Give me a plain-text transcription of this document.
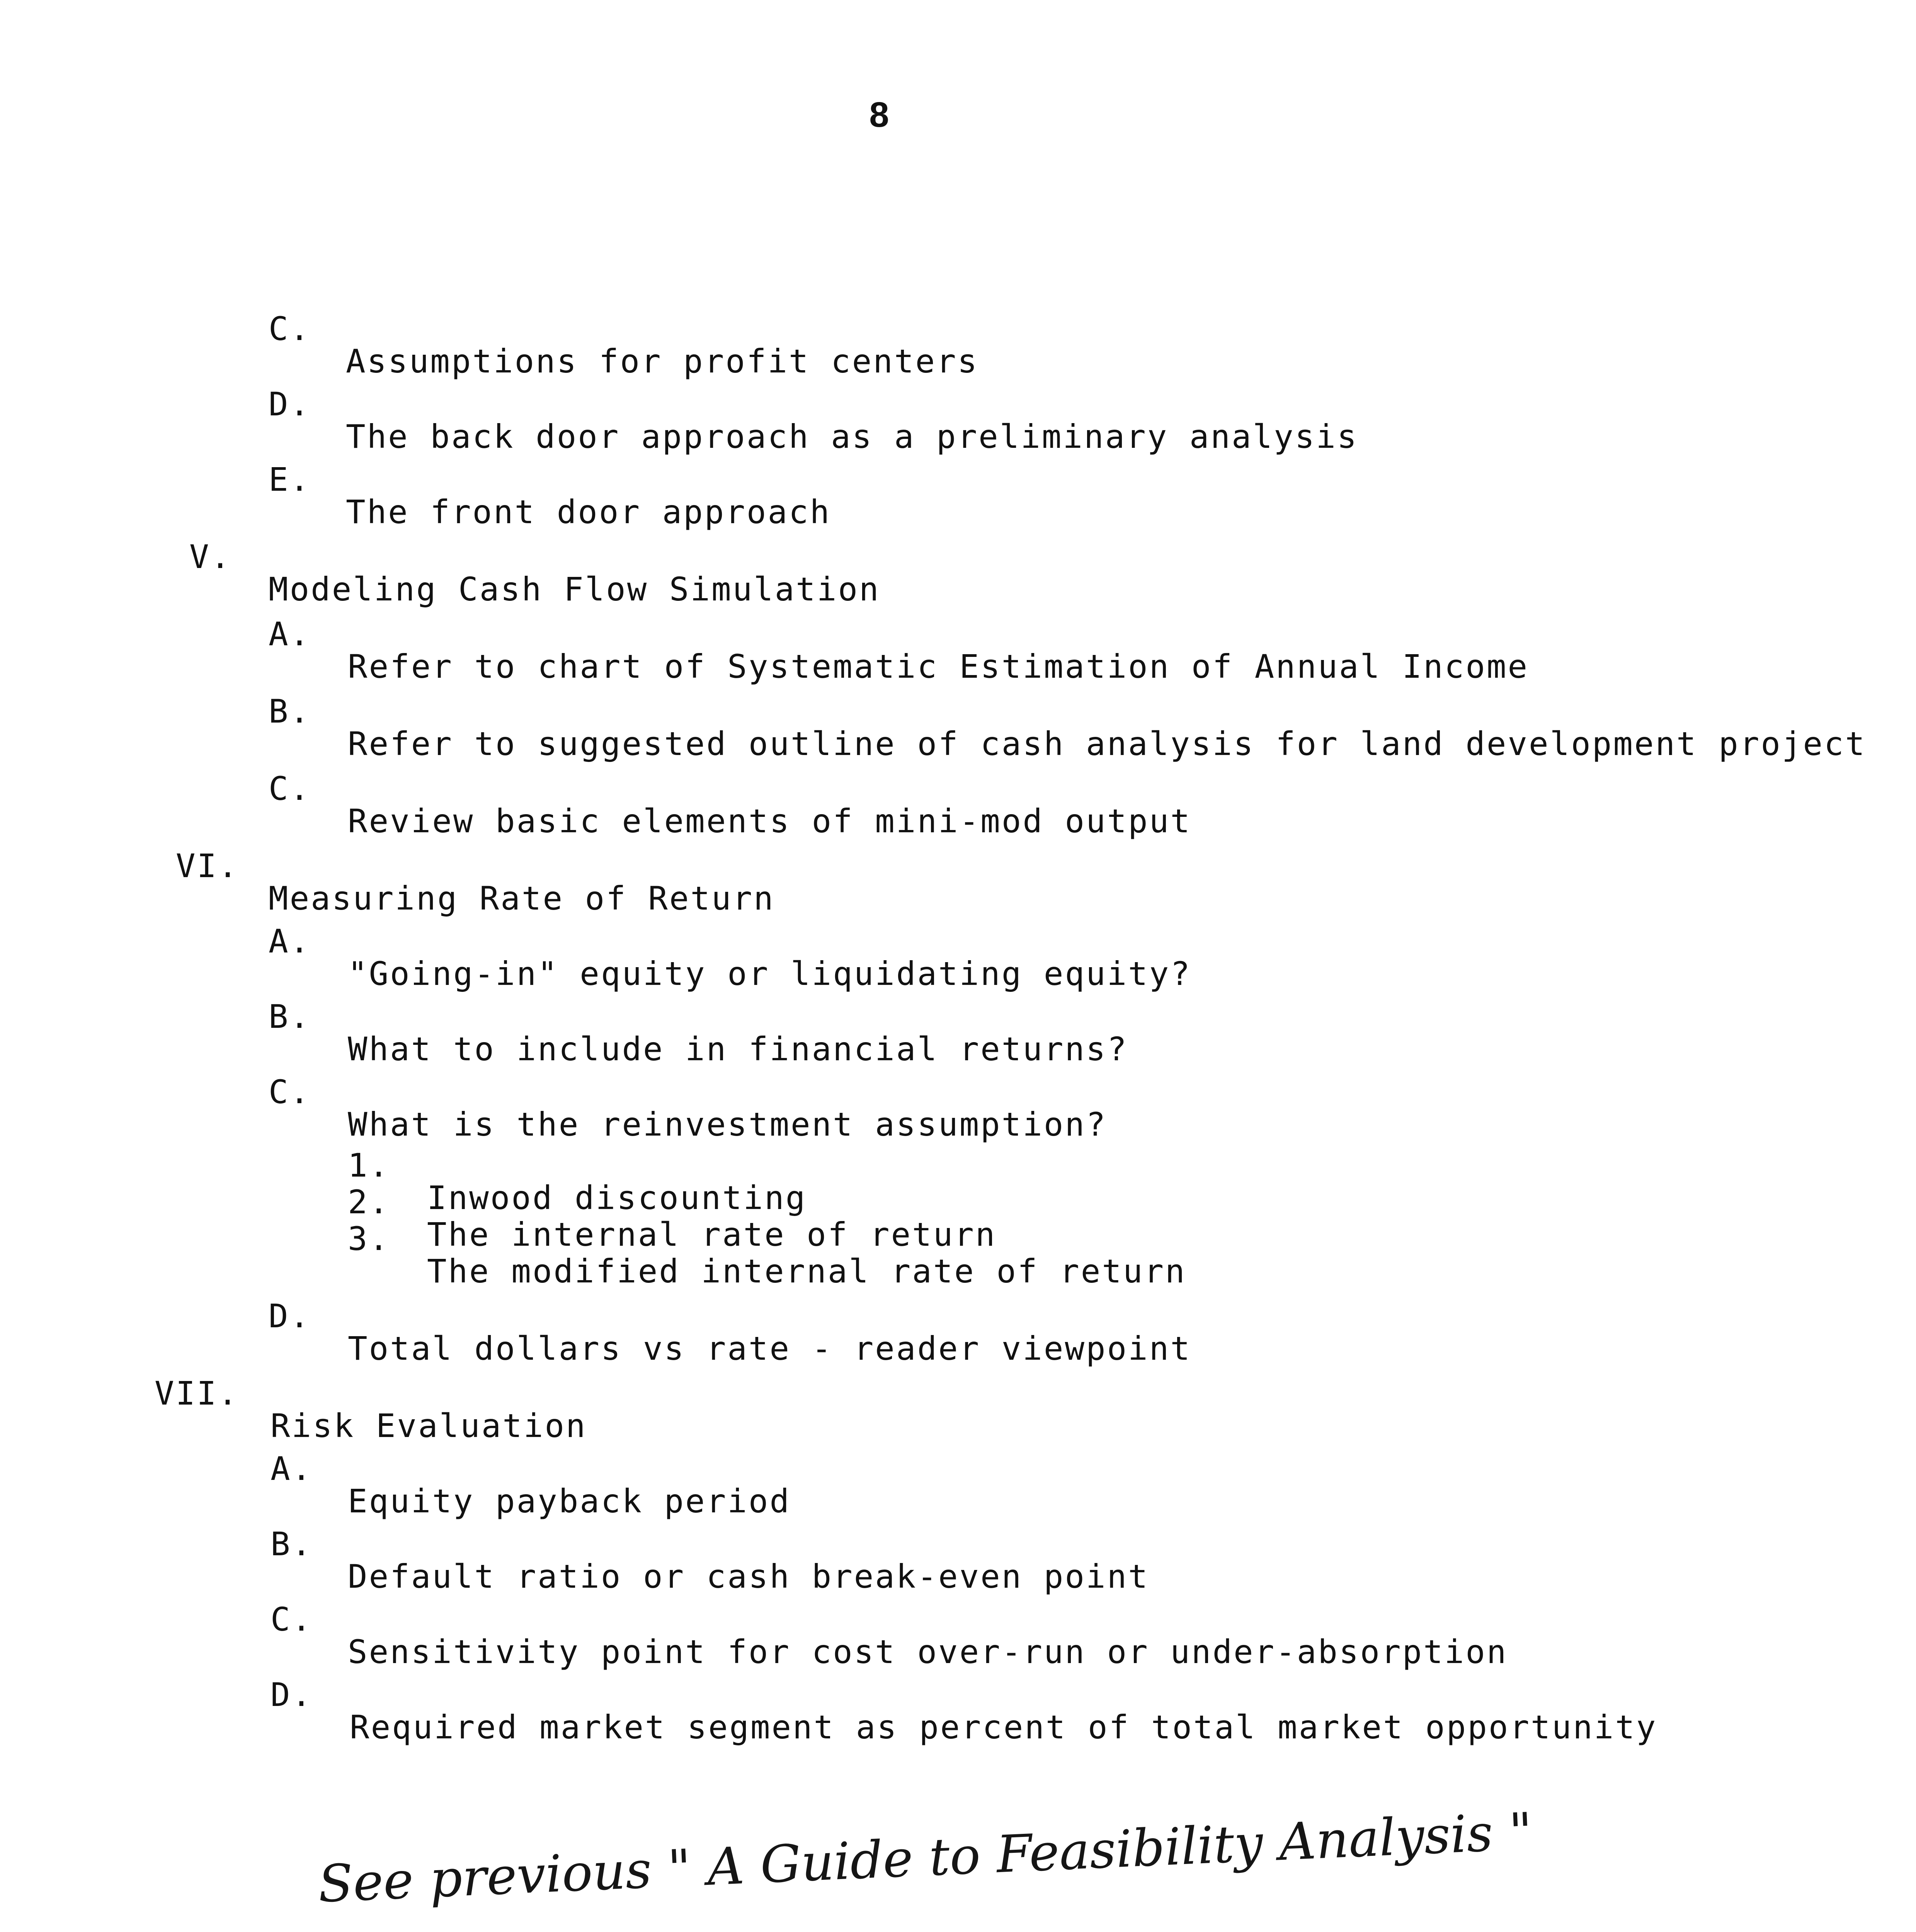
8

C.

Assumptions for profit centers

D.

The back door approach as a preliminary analysis

E.

The front door approach

V.

Modeling Cash Flow Simulation

A.

Refer to chart of Systematic Estimation of Annual Income

B.

Refer to suggested outline of cash analysis for land development project

C.

Review basic elements of mini-mod output

VI.

Measuring Rate of Return

A.

"Going-in" equity or liquidating equity?

B.

What to include in financial returns?

C.

What is the reinvestment assumption?

1.

Inwood discounting

2.

The internal rate of return

3.

The modified internal rate of return

D.

Total dollars vs rate - reader viewpoint

VII.

Risk Evaluation

A.

Equity payback period

B.

Default ratio or cash break-even point

C.

Sensitivity point for cost over-run or under-absorption

D.

Required market segment as percent of total market opportunity

See previous " A Guide to Feasibility Analysis "
